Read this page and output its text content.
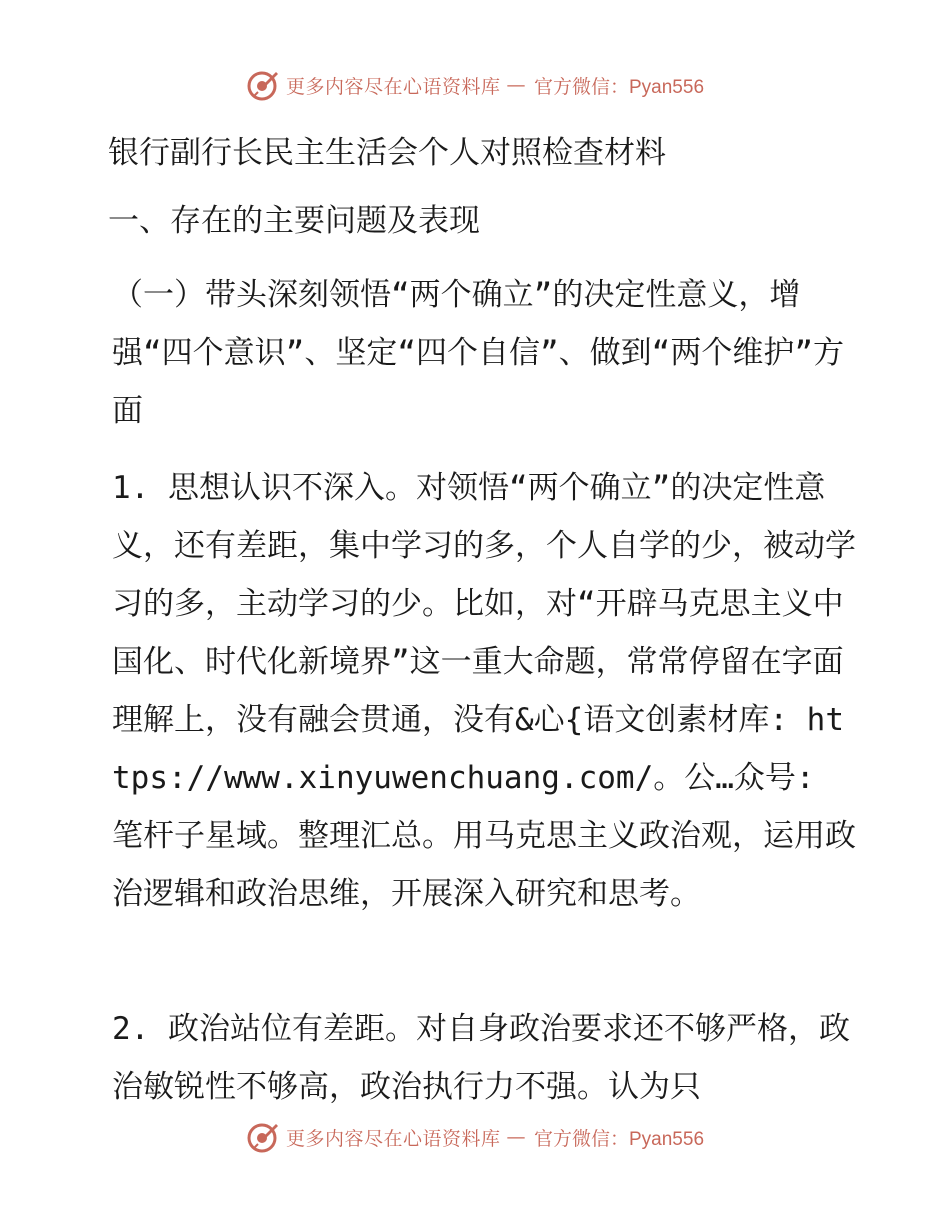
更多内容尽在心语资料库 — 官方微信：Pyan556
银行副行长民主生活会个人对照检查材料
一、存在的主要问题及表现

（一）带头深刻领悟“两个确立”的决定性意义，增强“四个意识”、坚定“四个自信”、做到“两个维护”方面

1. 思想认识不深入。对领悟“两个确立”的决定性意义，还有差距，集中学习的多，个人自学的少，被动学习的多，主动学习的少。比如，对“开辟马克思主义中国化、时代化新境界”这一重大命题，常常停留在字面理解上，没有融会贯通，没有&心{语文创素材库: https://www.xinyuwenchuang.com/。公…众号: 笔杆子星域。整理汇总。用马克思主义政治观，运用政治逻辑和政治思维，开展深入研究和思考。

2. 政治站位有差距。对自身政治要求还不够严格，政治敏锐性不够高，政治执行力不强。认为只

更多内容尽在心语资料库 — 官方微信：Pyan556
